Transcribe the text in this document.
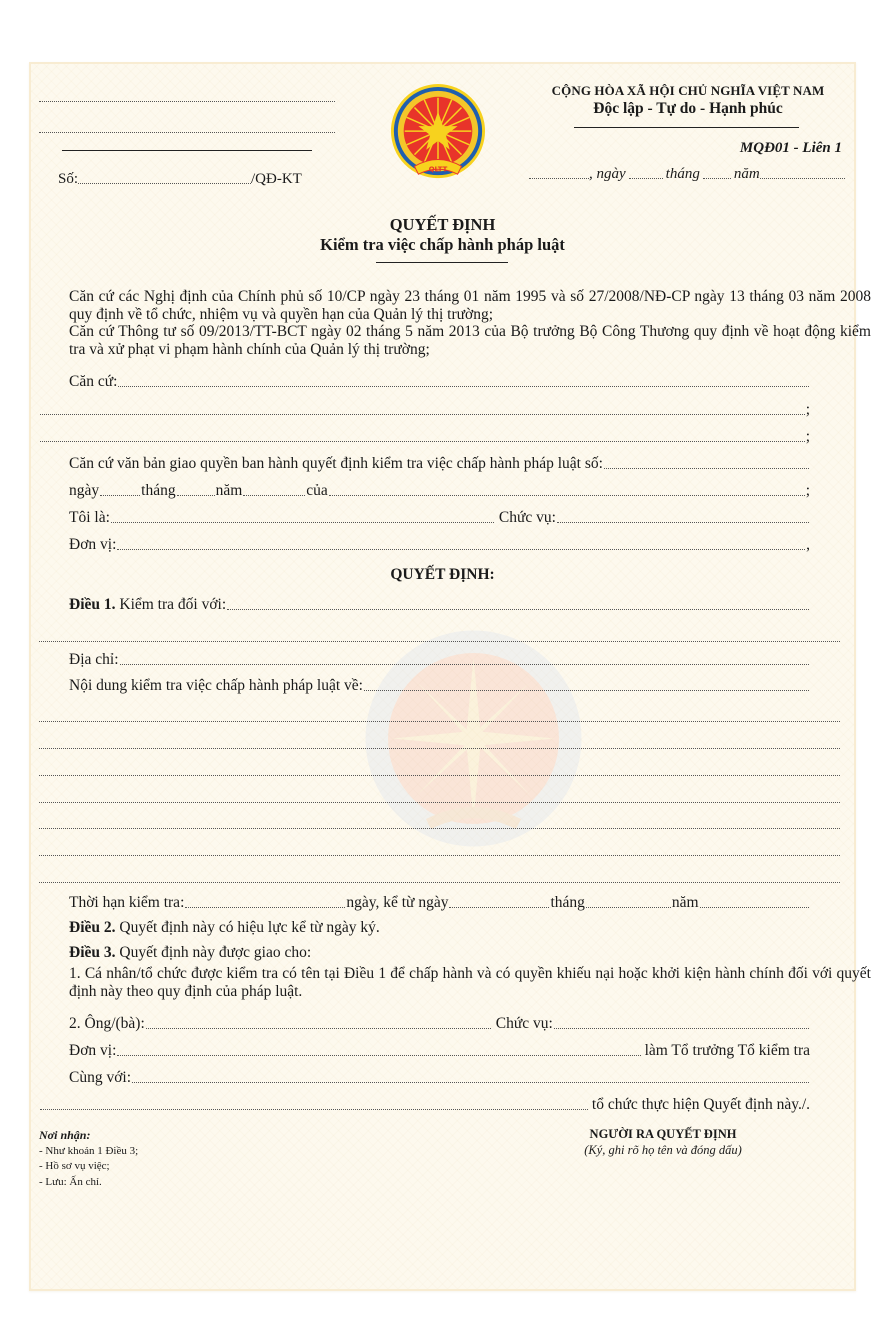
Số:	/QĐ-KT
QLTT
CỘNG HÒA XÃ HỘI CHỦ NGHĨA VIỆT NAM
Độc lập - Tự do - Hạnh phúc
MQĐ01 - Liên 1
, ngày	tháng năm
QUYẾT ĐỊNH
Kiểm tra việc chấp hành pháp luật

Căn cứ các Nghị định của Chính phủ số 10/CP ngày 23 tháng 01 năm 1995 và số 27/2008/NĐ-CP ngày 13 tháng 03 năm 2008 quy định về tổ chức, nhiệm vụ và quyền hạn của Quản lý thị trường;

Căn cứ Thông tư số 09/2013/TT-BCT ngày 02 tháng 5 năm 2013 của Bộ trưởng Bộ Công Thương quy định về hoạt động kiểm tra và xử phạt vi phạm hành chính của Quản lý thị trường;

Căn cứ:
;
;
Căn cứ văn bản giao quyền ban hành quyết định kiểm tra việc chấp hành pháp luật số:
ngày	tháng	năm	của	;
Tôi là:	Chức vụ:
Đơn vị:	,
QUYẾT ĐỊNH:
Điều 1. Kiểm tra đối với:
Địa chỉ:
Nội dung kiểm tra việc chấp hành pháp luật về:
Thời hạn kiểm tra:	ngày, kể từ ngày	tháng	năm
Điều 2. Quyết định này có hiệu lực kể từ ngày ký.
Điều 3. Quyết định này được giao cho:

1. Cá nhân/tổ chức được kiểm tra có tên tại Điều 1 để chấp hành và có quyền khiếu nại hoặc khởi kiện hành chính đối với quyết định này theo quy định của pháp luật.

2. Ông/(bà):	Chức vụ:
Đơn vị:	làm Tổ trưởng Tổ kiểm tra
Cùng với:
tổ chức thực hiện Quyết định này./.
Nơi nhận:
- Như khoản 1 Điều 3;
- Hồ sơ vụ việc;
- Lưu: Ấn chỉ.
NGƯỜI RA QUYẾT ĐỊNH
(Ký, ghi rõ họ tên và đóng dấu)
